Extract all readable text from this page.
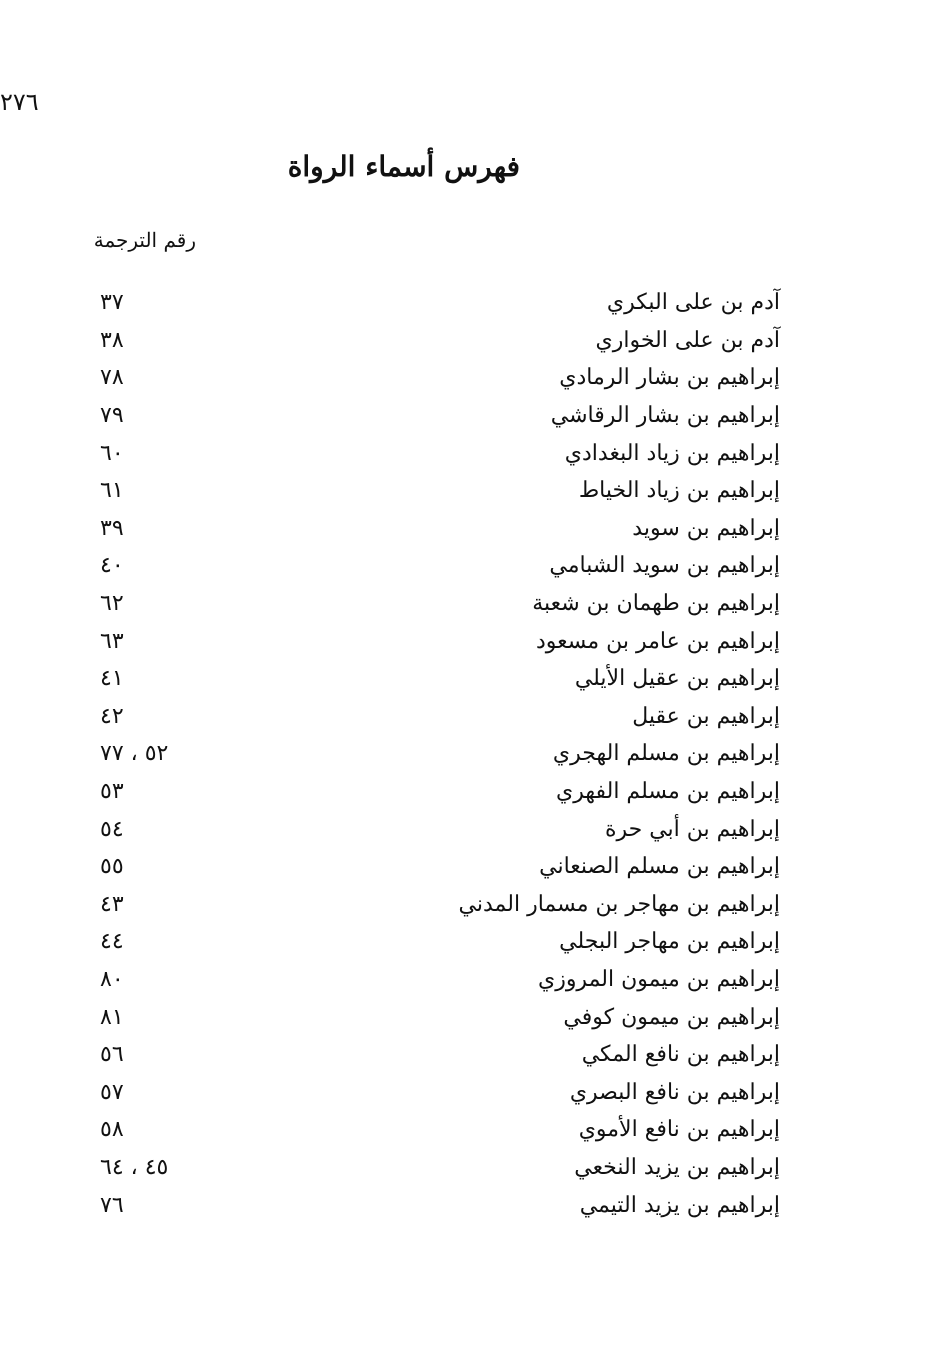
٢٧٦
فهرس أسماء الرواة
رقم الترجمة
آدم بن على البكري
٣٧
آدم بن على الخواري
٣٨
إبراهيم بن بشار الرمادي
٧٨
إبراهيم بن بشار الرقاشي
٧٩
إبراهيم بن زياد البغدادي
٦٠
إبراهيم بن زياد الخياط
٦١
إبراهيم بن سويد
٣٩
إبراهيم بن سويد الشبامي
٤٠
إبراهيم بن طهمان بن شعبة
٦٢
إبراهيم بن عامر بن مسعود
٦٣
إبراهيم بن عقيل الأيلي
٤١
إبراهيم بن عقيل
٤٢
إبراهيم بن مسلم الهجري
٥٢ ، ٧٧
إبراهيم بن مسلم الفهري
٥٣
إبراهيم بن أبي حرة
٥٤
إبراهيم بن مسلم الصنعاني
٥٥
إبراهيم بن مهاجر بن مسمار المدني
٤٣
إبراهيم بن مهاجر البجلي
٤٤
إبراهيم بن ميمون المروزي
٨٠
إبراهيم بن ميمون كوفي
٨١
إبراهيم بن نافع المكي
٥٦
إبراهيم بن نافع البصري
٥٧
إبراهيم بن نافع الأموي
٥٨
إبراهيم بن يزيد النخعي
٤٥ ، ٦٤
إبراهيم بن يزيد التيمي
٧٦
